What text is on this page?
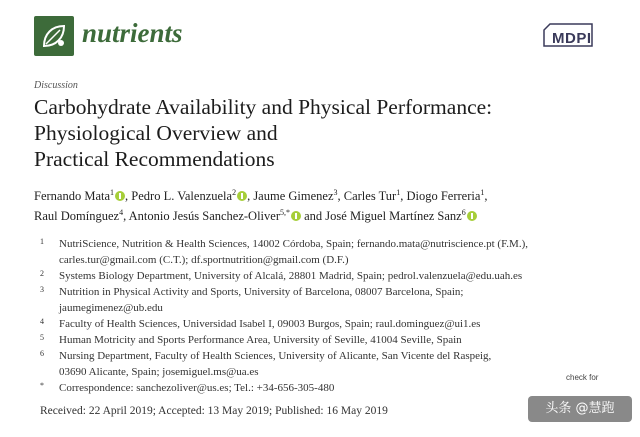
nutrients	MDPI
Discussion
Carbohydrate Availability and Physical Performance:
Physiological Overview and
Practical Recommendations
Fernando Mata$^1$ , Pedro L. Valenzuela$^2$ , Jaume Gimenez$^3$, Carles Tur$^1$, Diogo Ferreria$^1$,
Raul Domínguez$^4$, Antonio Jesús Sanchez-Oliver$^{5,*}$ and José Miguel Martínez Sanz$^6$
1 NutriScience, Nutrition & Health Sciences, 14002 Córdoba, Spain; fernando.mata@nutriscience.pt (F.M.),
carles.tur@gmail.com (C.T.); df.sportnutrition@gmail.com (D.F.)
2 Systems Biology Department, University of Alcalá, 28801 Madrid, Spain; pedrol.valenzuela@edu.uah.es
3 Nutrition in Physical Activity and Sports, University of Barcelona, 08007 Barcelona, Spain;
jaumegimenez@ub.edu
4 Faculty of Health Sciences, Universidad Isabel I, 09003 Burgos, Spain; raul.dominguez@ui1.es
5 Human Motricity and Sports Performance Area, University of Seville, 41004 Seville, Spain
6 Nursing Department, Faculty of Health Sciences, University of Alicante, San Vicente del Raspeig,
03690 Alicante, Spain; josemiguel.ms@ua.es
* Correspondence: sanchezoliver@us.es; Tel.: +34-656-305-480
Received: 22 April 2019; Accepted: 13 May 2019; Published: 16 May 2019
check for
头条 @慧跑
